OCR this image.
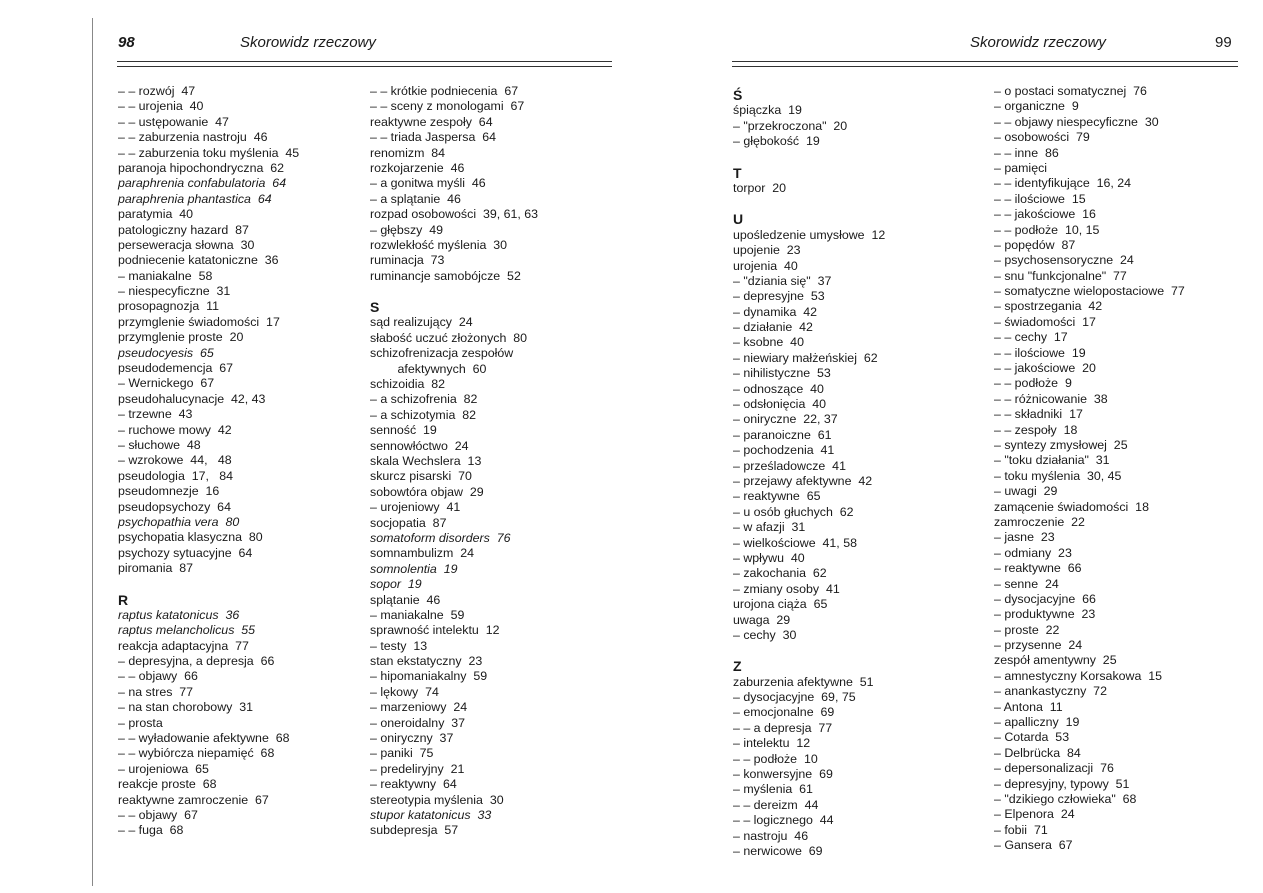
98	Skorowidz rzeczowy	Skorowidz rzeczowy	99
– – rozwój  47
– – urojenia  40
– – ustępowanie  47
– – zaburzenia nastroju  46
– – zaburzenia toku myślenia  45
paranoja hipochondryczna  62
paraphrenia confabulatoria  64
paraphrenia phantastica  64
paratymia  40
patologiczny hazard  87
perseweracja słowna  30
podniecenie katatoniczne  36
– maniakalne  58
– niespecyficzne  31
prosopagnozja  11
przymglenie świadomości  17
przymglenie proste  20
pseudocyesis  65
pseudodemencja  67
– Wernickego  67
pseudohalucynacje  42, 43
– trzewne  43
– ruchowe mowy  42
– słuchowe  48
– wzrokowe  44,   48
pseudologia  17,   84
pseudomnezje  16
pseudopsychozy  64
psychopathia vera  80
psychopatia klasyczna  80
psychozy sytuacyjne  64
piromania  87
R
raptus katatonicus  36
raptus melancholicus  55
reakcja adaptacyjna  77
– depresyjna, a depresja  66
– – objawy  66
– na stres  77
– na stan chorobowy  31
– prosta
– – wyładowanie afektywne  68
– – wybiórcza niepamięć  68
– urojeniowa  65
reakcje proste  68
reaktywne zamroczenie  67
– – objawy  67
– – fuga  68
– – krótkie podniecenia  67
– – sceny z monologami  67
reaktywne zespoły  64
– – triada Jaspersa  64
renomizm  84
rozkojarzenie  46
– a gonitwa myśli  46
– a splątanie  46
rozpad osobowości  39, 61, 63
– głębszy  49
rozwlekłość myślenia  30
ruminacja  73
ruminancje samobójcze  52
S
sąd realizujący  24
słabość uczuć złożonych  80
schizofrenizacja zespołów
afektywnych  60
schizoidia  82
– a schizofrenia  82
– a schizotymia  82
senność  19
sennowłóctwo  24
skala Wechslera  13
skurcz pisarski  70
sobowtóra objaw  29
– urojeniowy  41
socjopatia  87
somatoform disorders  76
somnambulizm  24
somnolentia  19
sopor  19
splątanie  46
– maniakalne  59
sprawność intelektu  12
– testy  13
stan ekstatyczny  23
– hipomaniakalny  59
– lękowy  74
– marzeniowy  24
– oneroidalny  37
– oniryczny  37
– paniki  75
– predeliryjny  21
– reaktywny  64
stereotypia myślenia  30
stupor katatonicus  33
subdepresja  57
Ś
śpiączka  19
– "przekroczona"  20
– głębokość  19
T
torpor  20
U
upośledzenie umysłowe  12
upojenie  23
urojenia  40
– "dziania się"  37
– depresyjne  53
– dynamika  42
– działanie  42
– ksobne  40
– niewiary małżeńskiej  62
– nihilistyczne  53
– odnoszące  40
– odsłonięcia  40
– oniryczne  22, 37
– paranoiczne  61
– pochodzenia  41
– prześladowcze  41
– przejawy afektywne  42
– reaktywne  65
– u osób głuchych  62
– w afazji  31
– wielkościowe  41, 58
– wpływu  40
– zakochania  62
– zmiany osoby  41
urojona ciąża  65
uwaga  29
– cechy  30
Z
zaburzenia afektywne  51
– dysocjacyjne  69, 75
– emocjonalne  69
– – a depresja  77
– intelektu  12
– – podłoże  10
– konwersyjne  69
– myślenia  61
– – dereizm  44
– – logicznego  44
– nastroju  46
– nerwicowe  69
– o postaci somatycznej  76
– organiczne  9
– – objawy niespecyficzne  30
– osobowości  79
– – inne  86
– pamięci
– – identyfikujące  16, 24
– – ilościowe  15
– – jakościowe  16
– – podłoże  10, 15
– popędów  87
– psychosensoryczne  24
– snu "funkcjonalne"  77
– somatyczne wielopostaciowe  77
– spostrzegania  42
– świadomości  17
– – cechy  17
– – ilościowe  19
– – jakościowe  20
– – podłoże  9
– – różnicowanie  38
– – składniki  17
– – zespoły  18
– syntezy zmysłowej  25
– "toku działania"  31
– toku myślenia  30, 45
– uwagi  29
zamącenie świadomości  18
zamroczenie  22
– jasne  23
– odmiany  23
– reaktywne  66
– senne  24
– dysocjacyjne  66
– produktywne  23
– proste  22
– przysenne  24
zespół amentywny  25
– amnestyczny Korsakowa  15
– anankastyczny  72
– Antona  11
– apalliczny  19
– Cotarda  53
– Delbrücka  84
– depersonalizacji  76
– depresyjny, typowy  51
– "dzikiego człowieka"  68
– Elpenora  24
– fobii  71
– Gansera  67
